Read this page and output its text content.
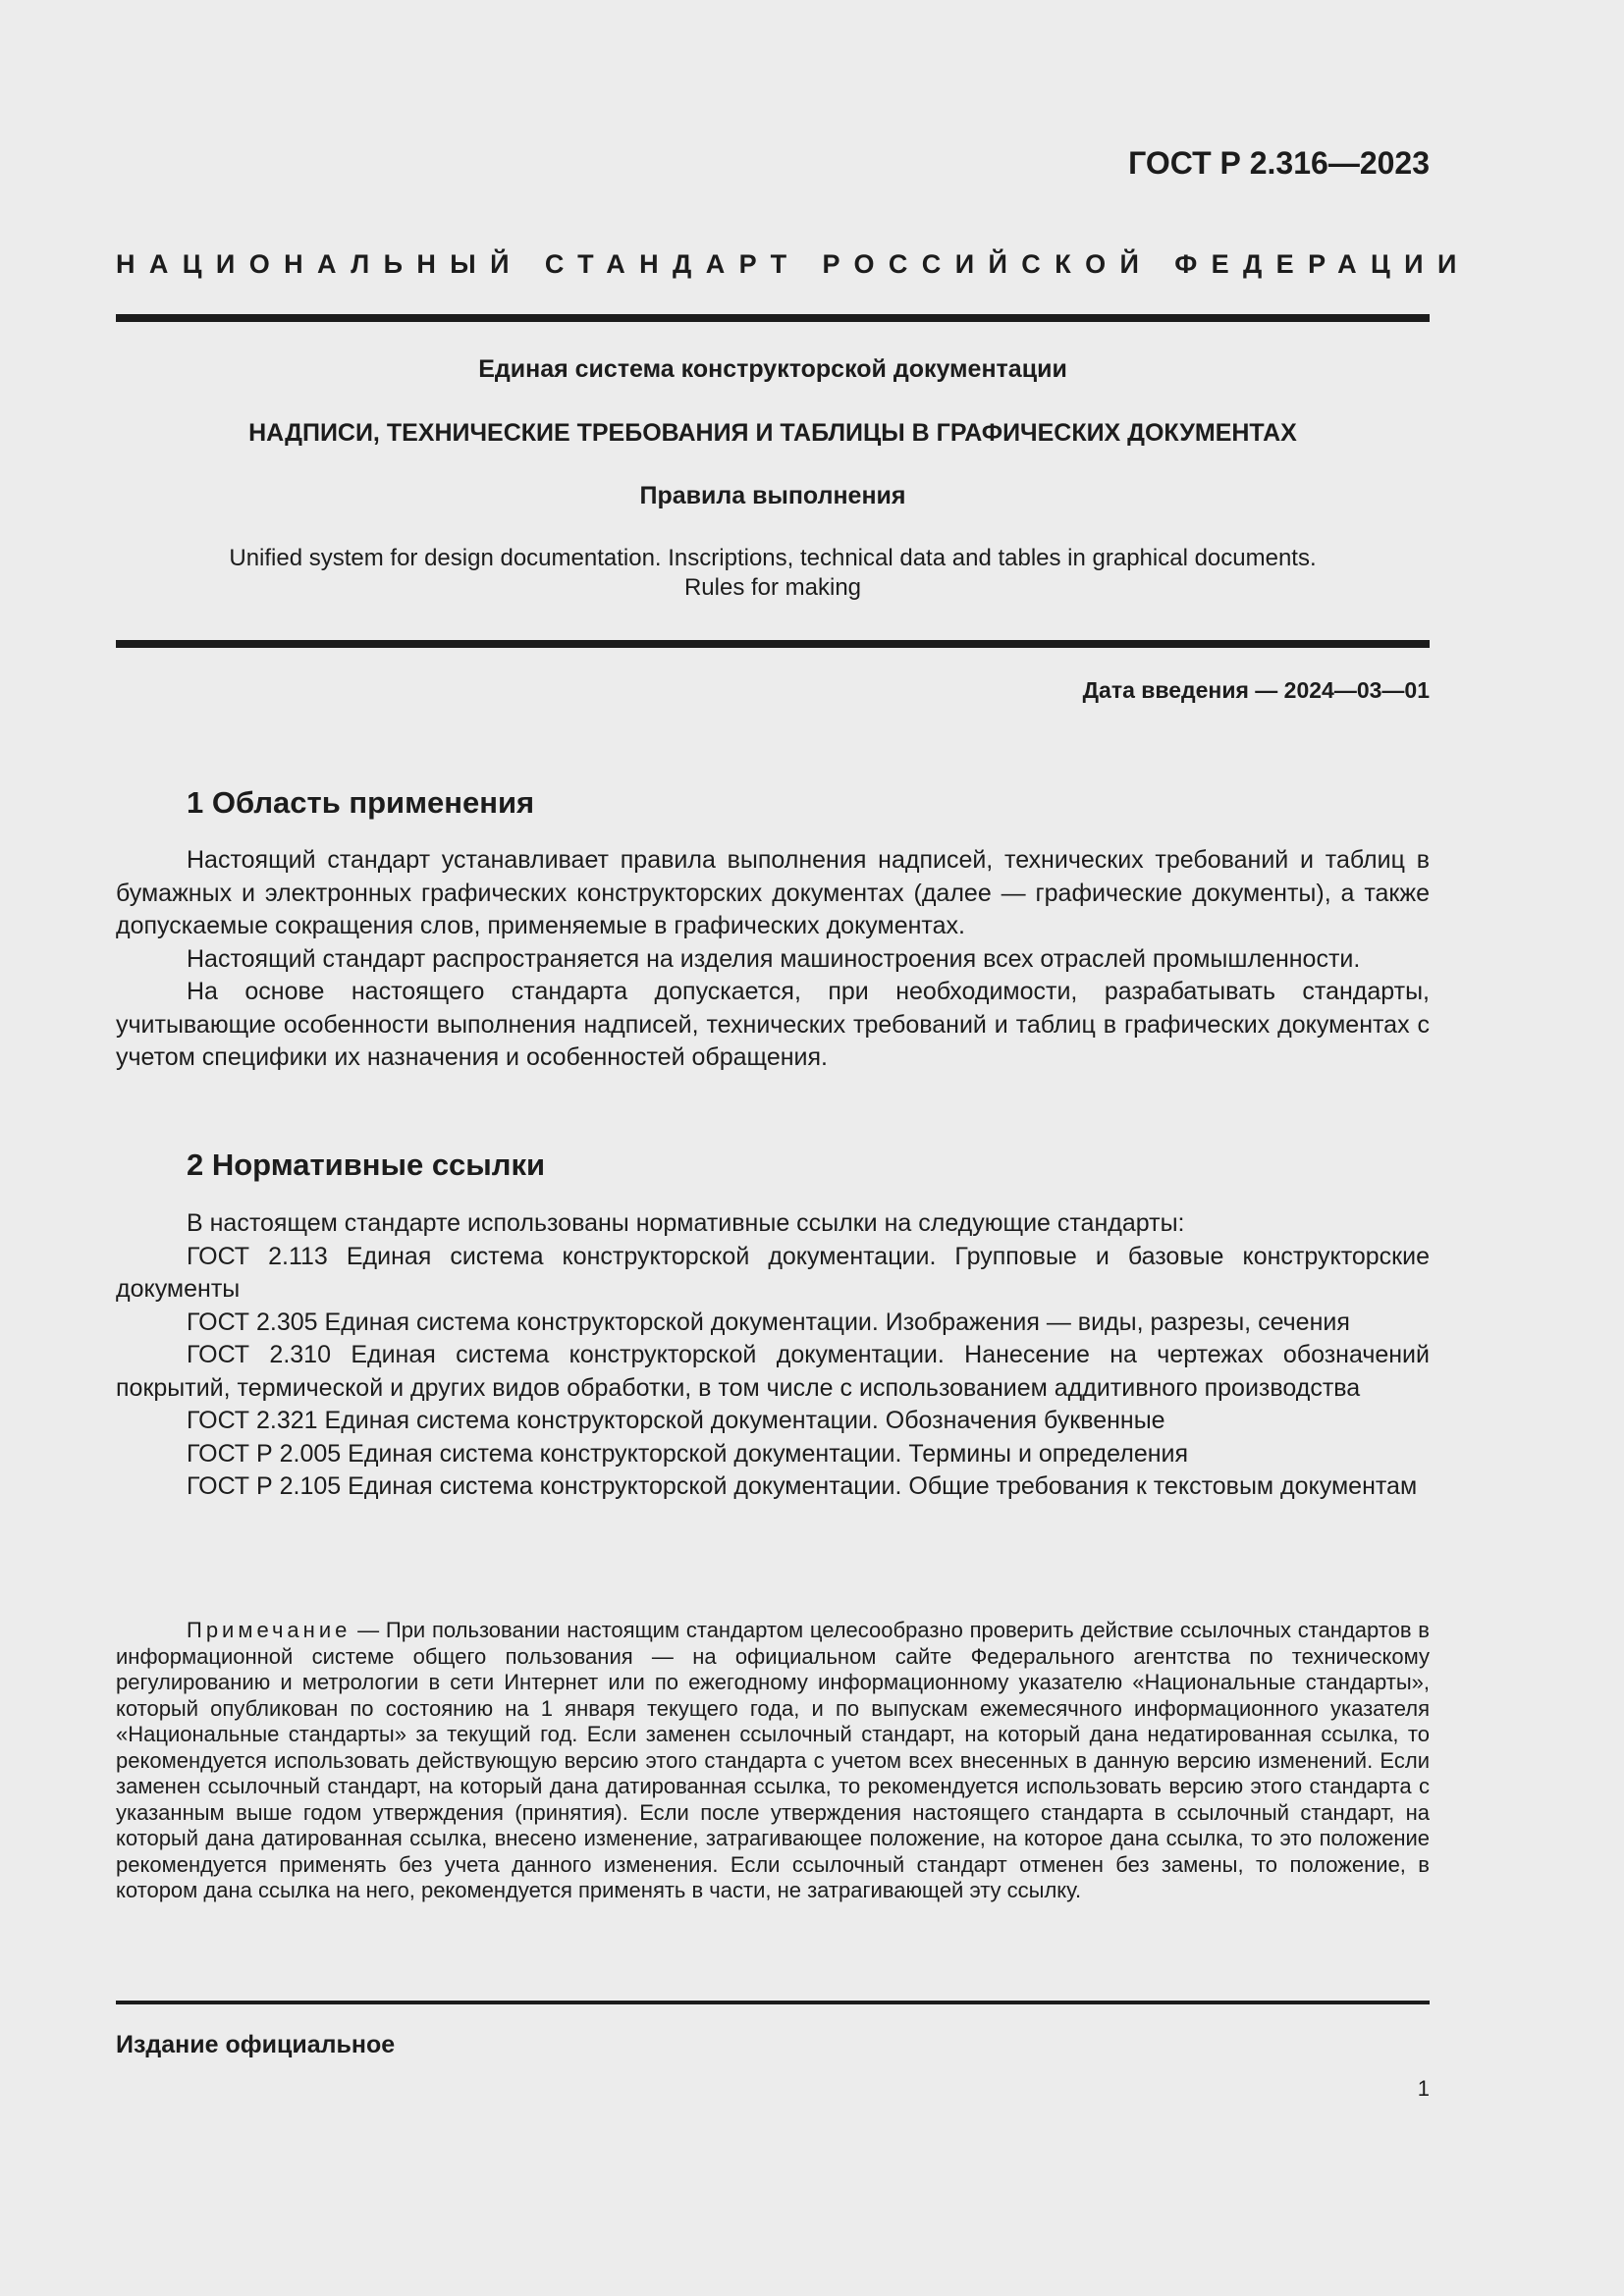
ГОСТ Р 2.316—2023
НАЦИОНАЛЬНЫЙ СТАНДАРТ РОССИЙСКОЙ ФЕДЕРАЦИИ
Единая система конструкторской документации
НАДПИСИ, ТЕХНИЧЕСКИЕ ТРЕБОВАНИЯ И ТАБЛИЦЫ В ГРАФИЧЕСКИХ ДОКУМЕНТАХ
Правила выполнения
Unified system for design documentation. Inscriptions, technical data and tables in graphical documents.
Rules for making
Дата введения — 2024—03—01
1 Область применения

Настоящий стандарт устанавливает правила выполнения надписей, технических требований и таблиц в бумажных и электронных графических конструкторских документах (далее — графические документы), а также допускаемые сокращения слов, применяемые в графических документах.

Настоящий стандарт распространяется на изделия машиностроения всех отраслей промышленности.

На основе настоящего стандарта допускается, при необходимости, разрабатывать стандарты, учитывающие особенности выполнения надписей, технических требований и таблиц в графических документах с учетом специфики их назначения и особенностей обращения.

2 Нормативные ссылки

В настоящем стандарте использованы нормативные ссылки на следующие стандарты:

ГОСТ 2.113 Единая система конструкторской документации. Групповые и базовые конструкторские документы

ГОСТ 2.305 Единая система конструкторской документации. Изображения — виды, разрезы, сечения

ГОСТ 2.310 Единая система конструкторской документации. Нанесение на чертежах обозначений покрытий, термической и других видов обработки, в том числе с использованием аддитивного производства

ГОСТ 2.321 Единая система конструкторской документации. Обозначения буквенные

ГОСТ Р 2.005 Единая система конструкторской документации. Термины и определения

ГОСТ Р 2.105 Единая система конструкторской документации. Общие требования к текстовым документам

Примечание — При пользовании настоящим стандартом целесообразно проверить действие ссылочных стандартов в информационной системе общего пользования — на официальном сайте Федерального агентства по техническому регулированию и метрологии в сети Интернет или по ежегодному информационному указателю «Национальные стандарты», который опубликован по состоянию на 1 января текущего года, и по выпускам ежемесячного информационного указателя «Национальные стандарты» за текущий год. Если заменен ссылочный стандарт, на который дана недатированная ссылка, то рекомендуется использовать действующую версию этого стандарта с учетом всех внесенных в данную версию изменений. Если заменен ссылочный стандарт, на который дана датированная ссылка, то рекомендуется использовать версию этого стандарта с указанным выше годом утверждения (принятия). Если после утверждения настоящего стандарта в ссылочный стандарт, на который дана датированная ссылка, внесено изменение, затрагивающее положение, на которое дана ссылка, то это положение рекомендуется применять без учета данного изменения. Если ссылочный стандарт отменен без замены, то положение, в котором дана ссылка на него, рекомендуется применять в части, не затрагивающей эту ссылку.

Издание официальное
1
